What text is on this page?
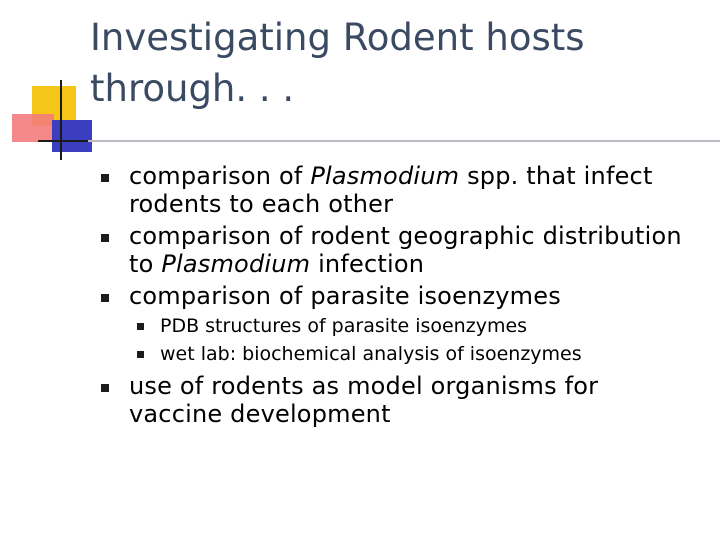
Investigating Rodent hosts through. . .
comparison of Plasmodium spp. that infect rodents to each other
comparison of rodent geographic distribution to Plasmodium infection
comparison of parasite isoenzymes
PDB structures of parasite isoenzymes
wet lab: biochemical analysis of isoenzymes
use of rodents as model organisms for vaccine development
